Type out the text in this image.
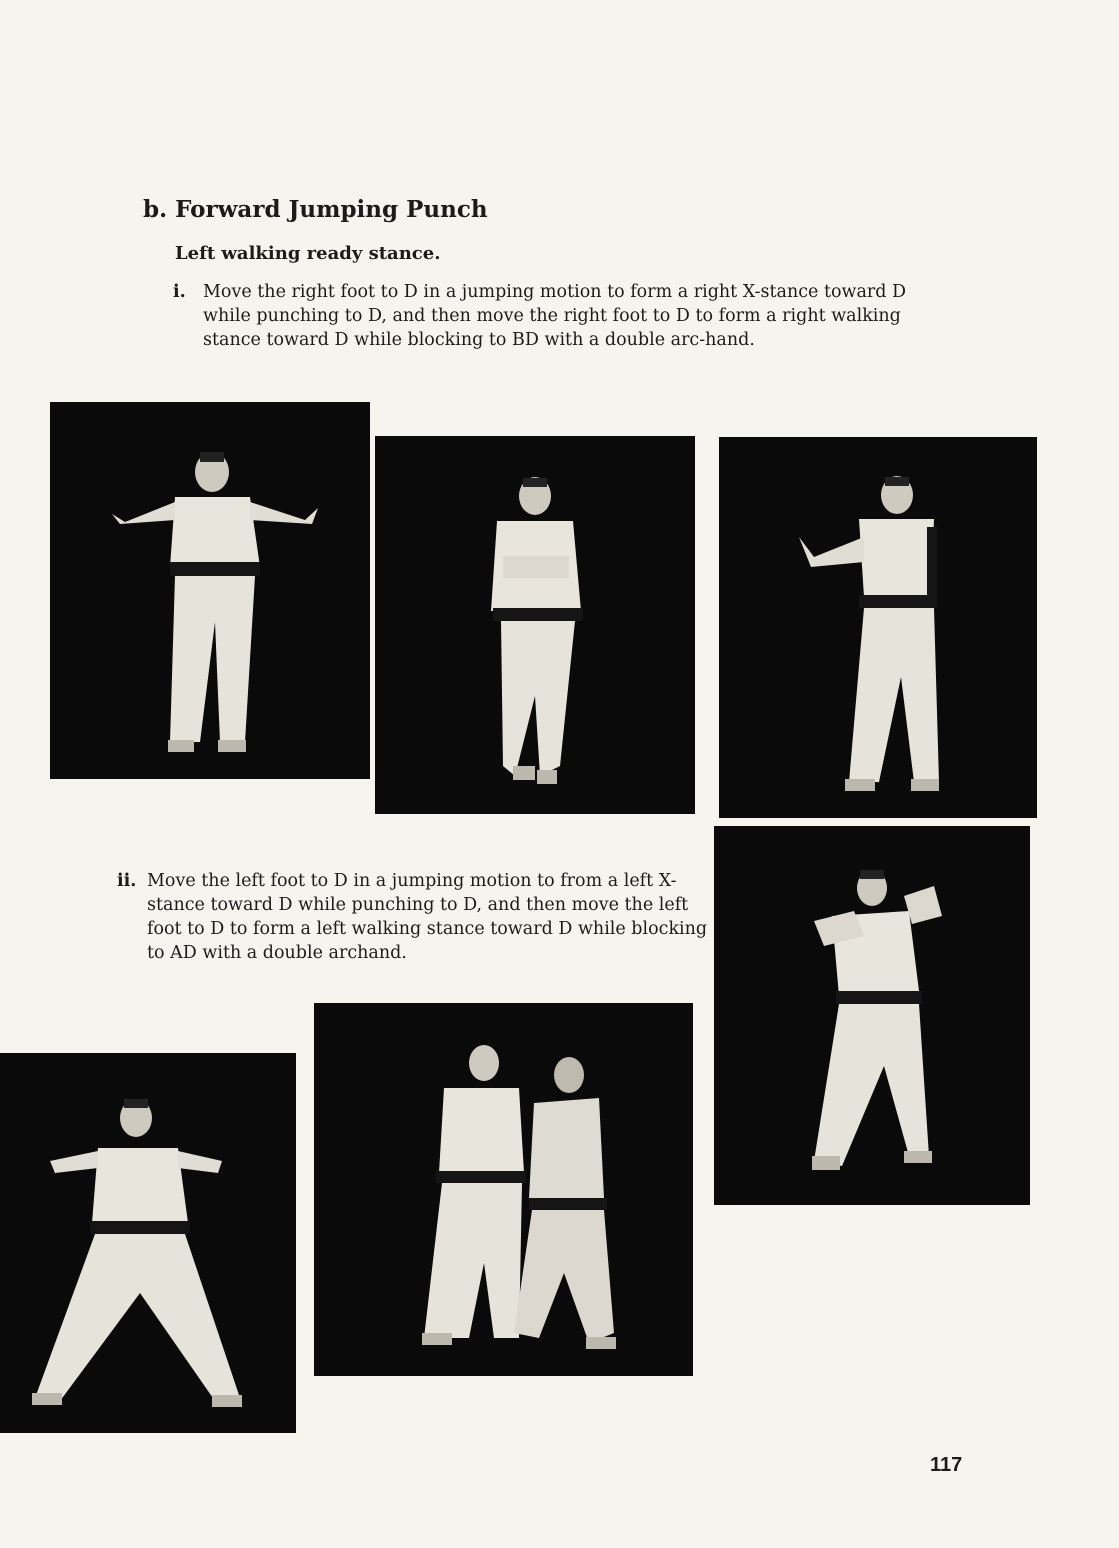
b. Forward Jumping Punch
Left walking ready stance.
i. Move the right foot to D in a jumping motion to form a right X-stance toward D while punching to D, and then move the right foot to D to form a right walking stance toward D while blocking to BD with a double arc-hand.
ii. Move the left foot to D in a jumping motion to from a left X-stance toward D while punching to D, and then move the left foot to D to form a left walking stance toward D while blocking to AD with a double archand.
117
